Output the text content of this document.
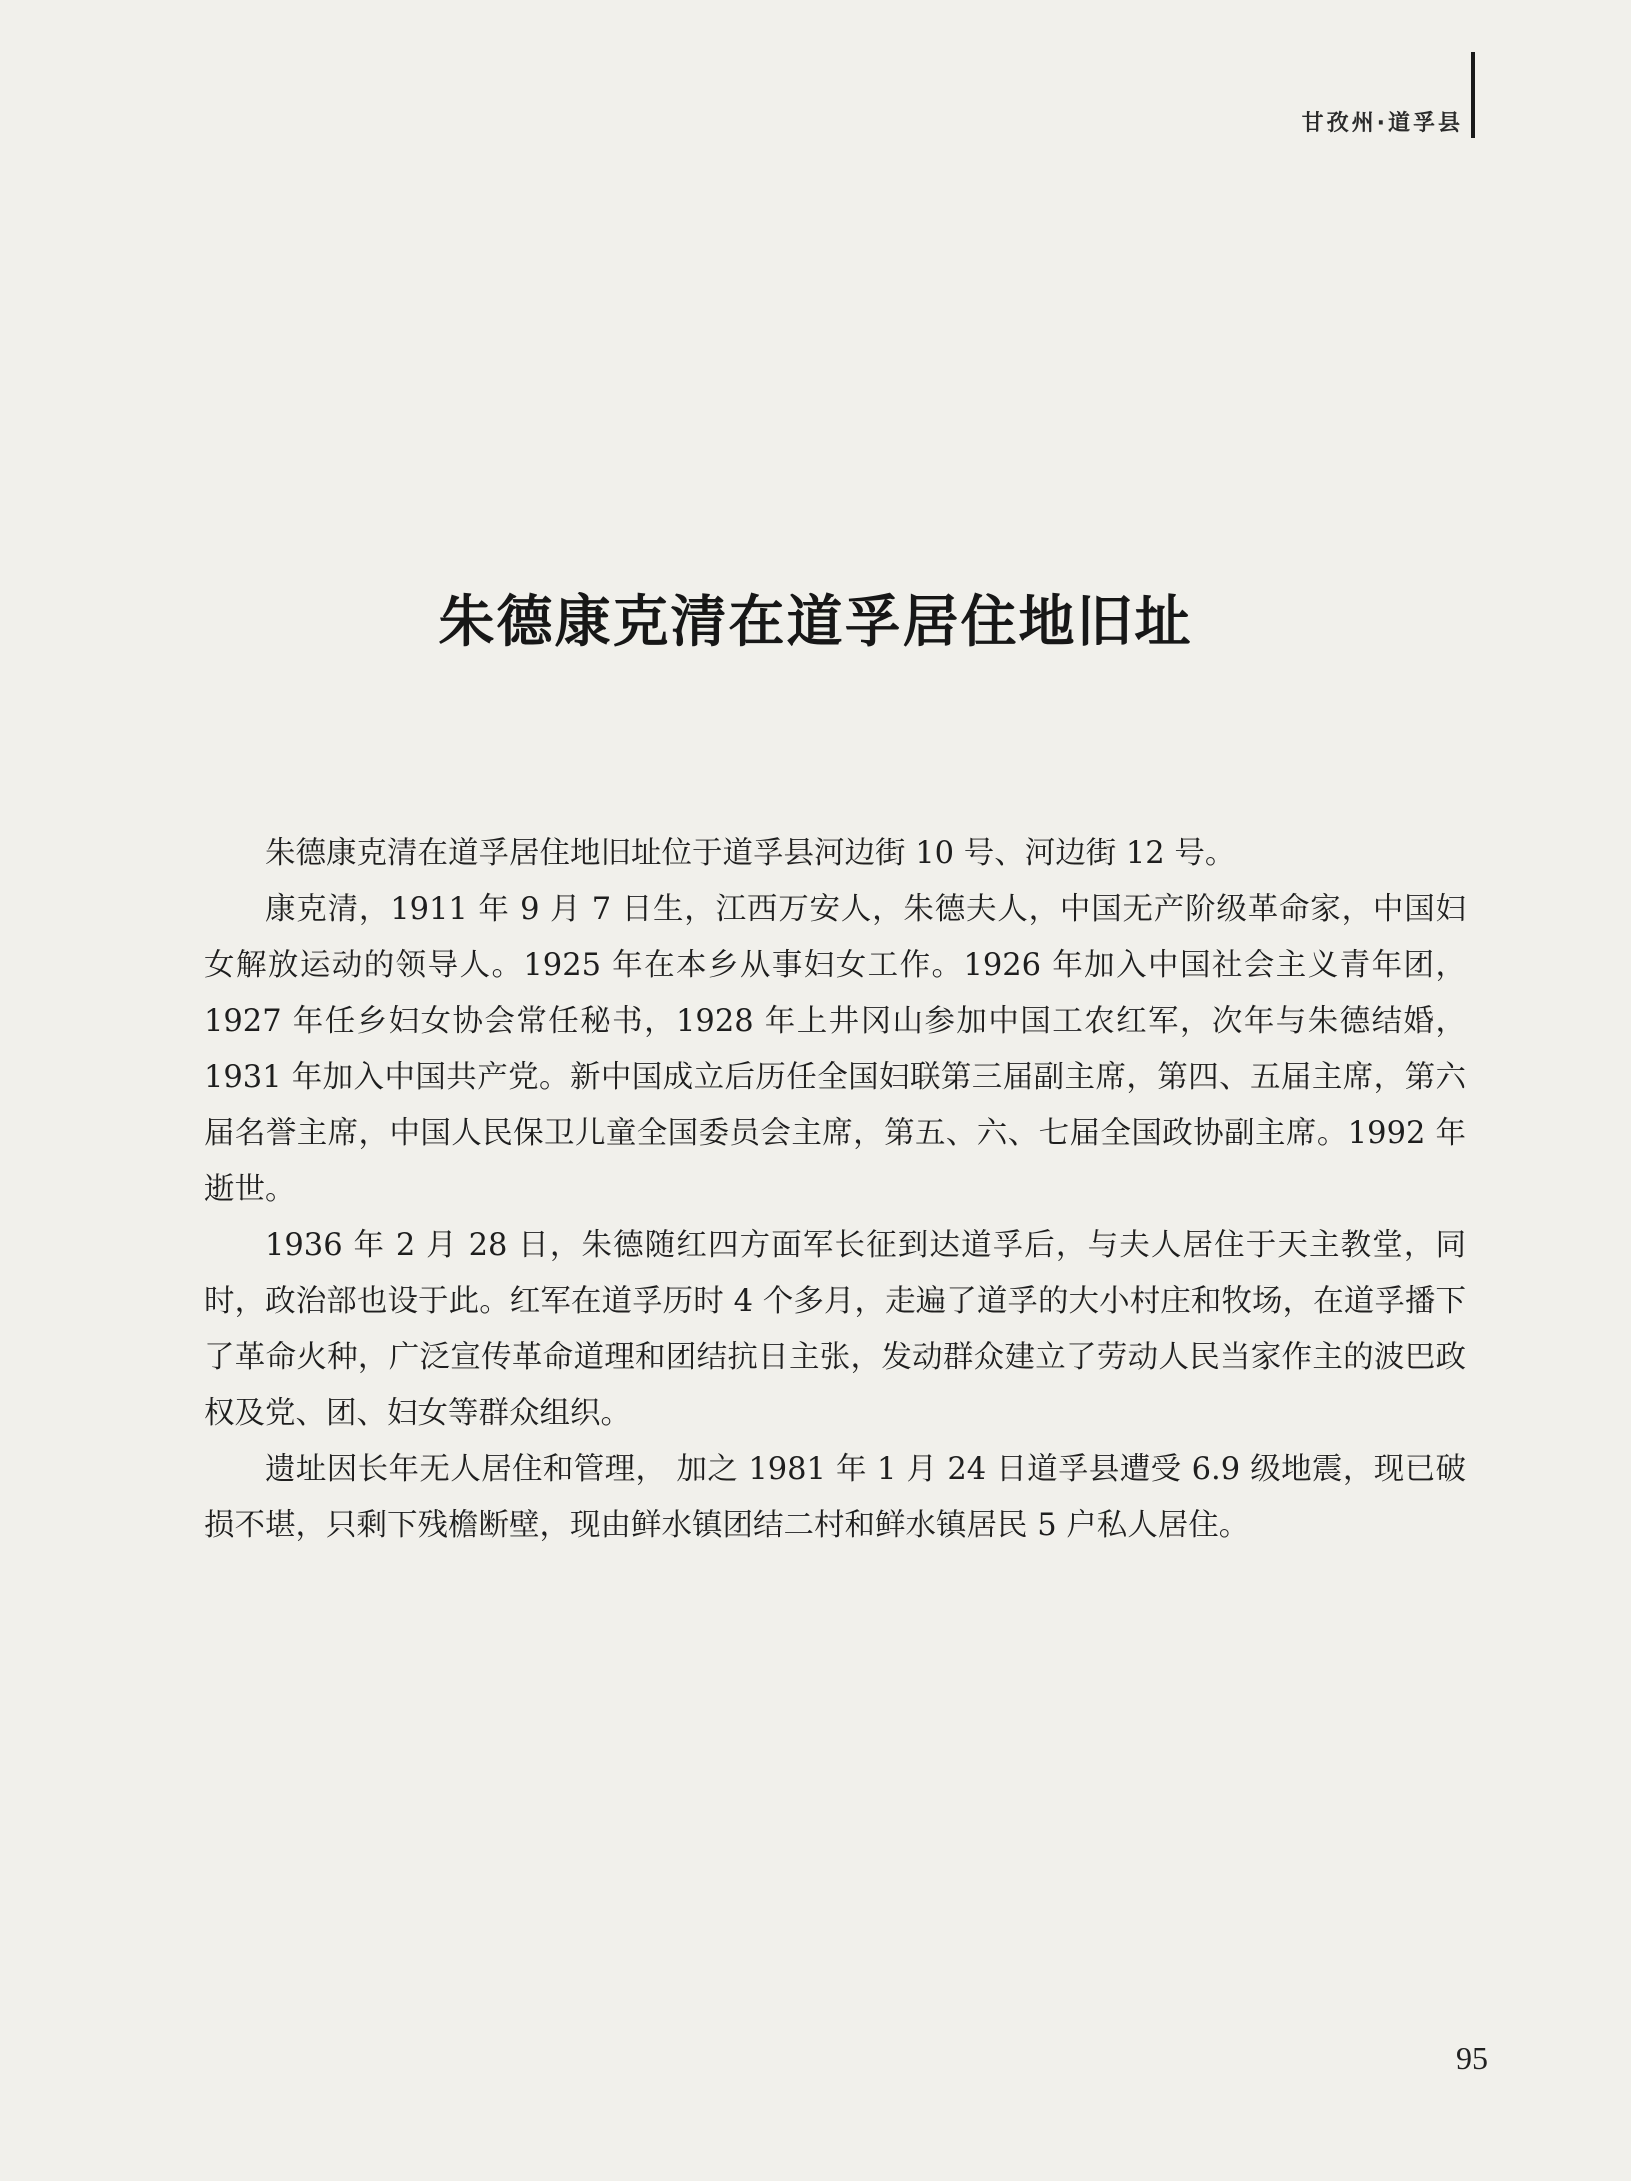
甘孜州·道孚县
朱德康克清在道孚居住地旧址

朱德康克清在道孚居住地旧址位于道孚县河边街 10 号、河边街 12 号。

康克清，1911 年 9 月 7 日生，江西万安人，朱德夫人，中国无产阶级革命家，中国妇女解放运动的领导人。1925 年在本乡从事妇女工作。1926 年加入中国社会主义青年团，1927 年任乡妇女协会常任秘书，1928 年上井冈山参加中国工农红军，次年与朱德结婚，1931 年加入中国共产党。新中国成立后历任全国妇联第三届副主席，第四、五届主席，第六届名誉主席，中国人民保卫儿童全国委员会主席，第五、六、七届全国政协副主席。1992 年逝世。

1936 年 2 月 28 日，朱德随红四方面军长征到达道孚后，与夫人居住于天主教堂，同时，政治部也设于此。红军在道孚历时 4 个多月，走遍了道孚的大小村庄和牧场，在道孚播下了革命火种，广泛宣传革命道理和团结抗日主张，发动群众建立了劳动人民当家作主的波巴政权及党、团、妇女等群众组织。

遗址因长年无人居住和管理， 加之 1981 年 1 月 24 日道孚县遭受 6.9 级地震，现已破损不堪，只剩下残檐断壁，现由鲜水镇团结二村和鲜水镇居民 5 户私人居住。

95
